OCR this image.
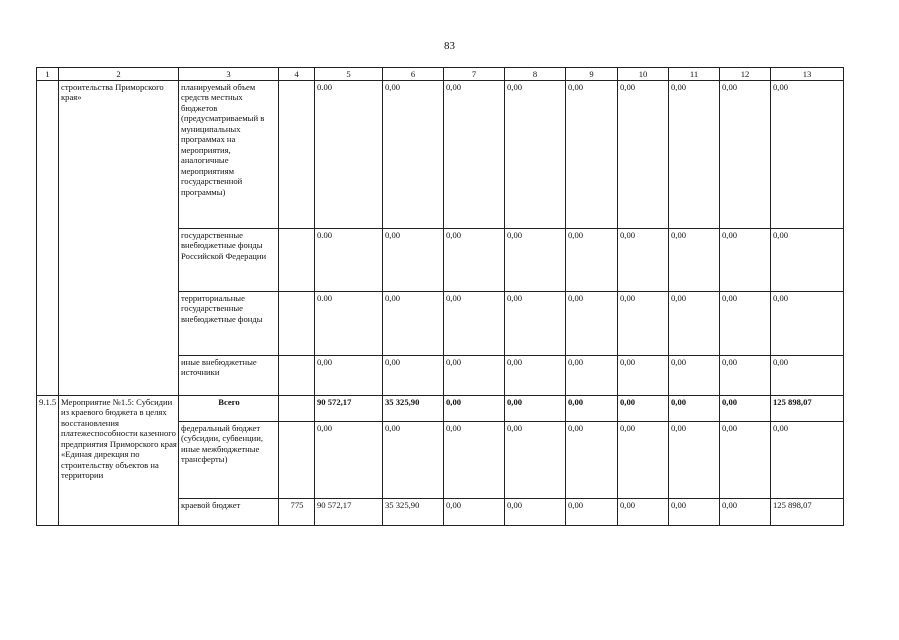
83
1	2	3	4	5	6	7	8	9	10	11	12	13
	строительства Приморского края»	планируемый объем средств местных бюджетов (предусматриваемый в муниципальных программах на мероприятия, аналогичные мероприятиям государственной программы)		0.00	0,00	0,00	0,00	0,00	0,00	0,00	0,00	0,00
		государственные внебюджетные фонды Российской Федерации		0.00	0,00	0,00	0,00	0,00	0,00	0,00	0,00	0,00
		территориальные государственные внебюджетные фонды		0.00	0,00	0,00	0,00	0,00	0,00	0,00	0,00	0,00
		иные внебюджетные источники		0,00	0,00	0,00	0,00	0,00	0,00	0,00	0,00	0,00
9.1.5	Мероприятие №1.5: Субсидии из краевого бюджета в целях восстановления платежеспособности казенного предприятия Приморского края «Единая дирекция по строительству объектов на территории	Всего		90 572,17	35 325,90	0,00	0,00	0,00	0,00	0,00	0,00	125 898,07
		федеральный бюджет (субсидии, субвенции, иные межбюджетные трансферты)		0,00	0,00	0,00	0,00	0,00	0,00	0,00	0,00	0,00
		краевой бюджет	775	90 572,17	35 325,90	0,00	0,00	0,00	0,00	0,00	0,00	125 898,07
